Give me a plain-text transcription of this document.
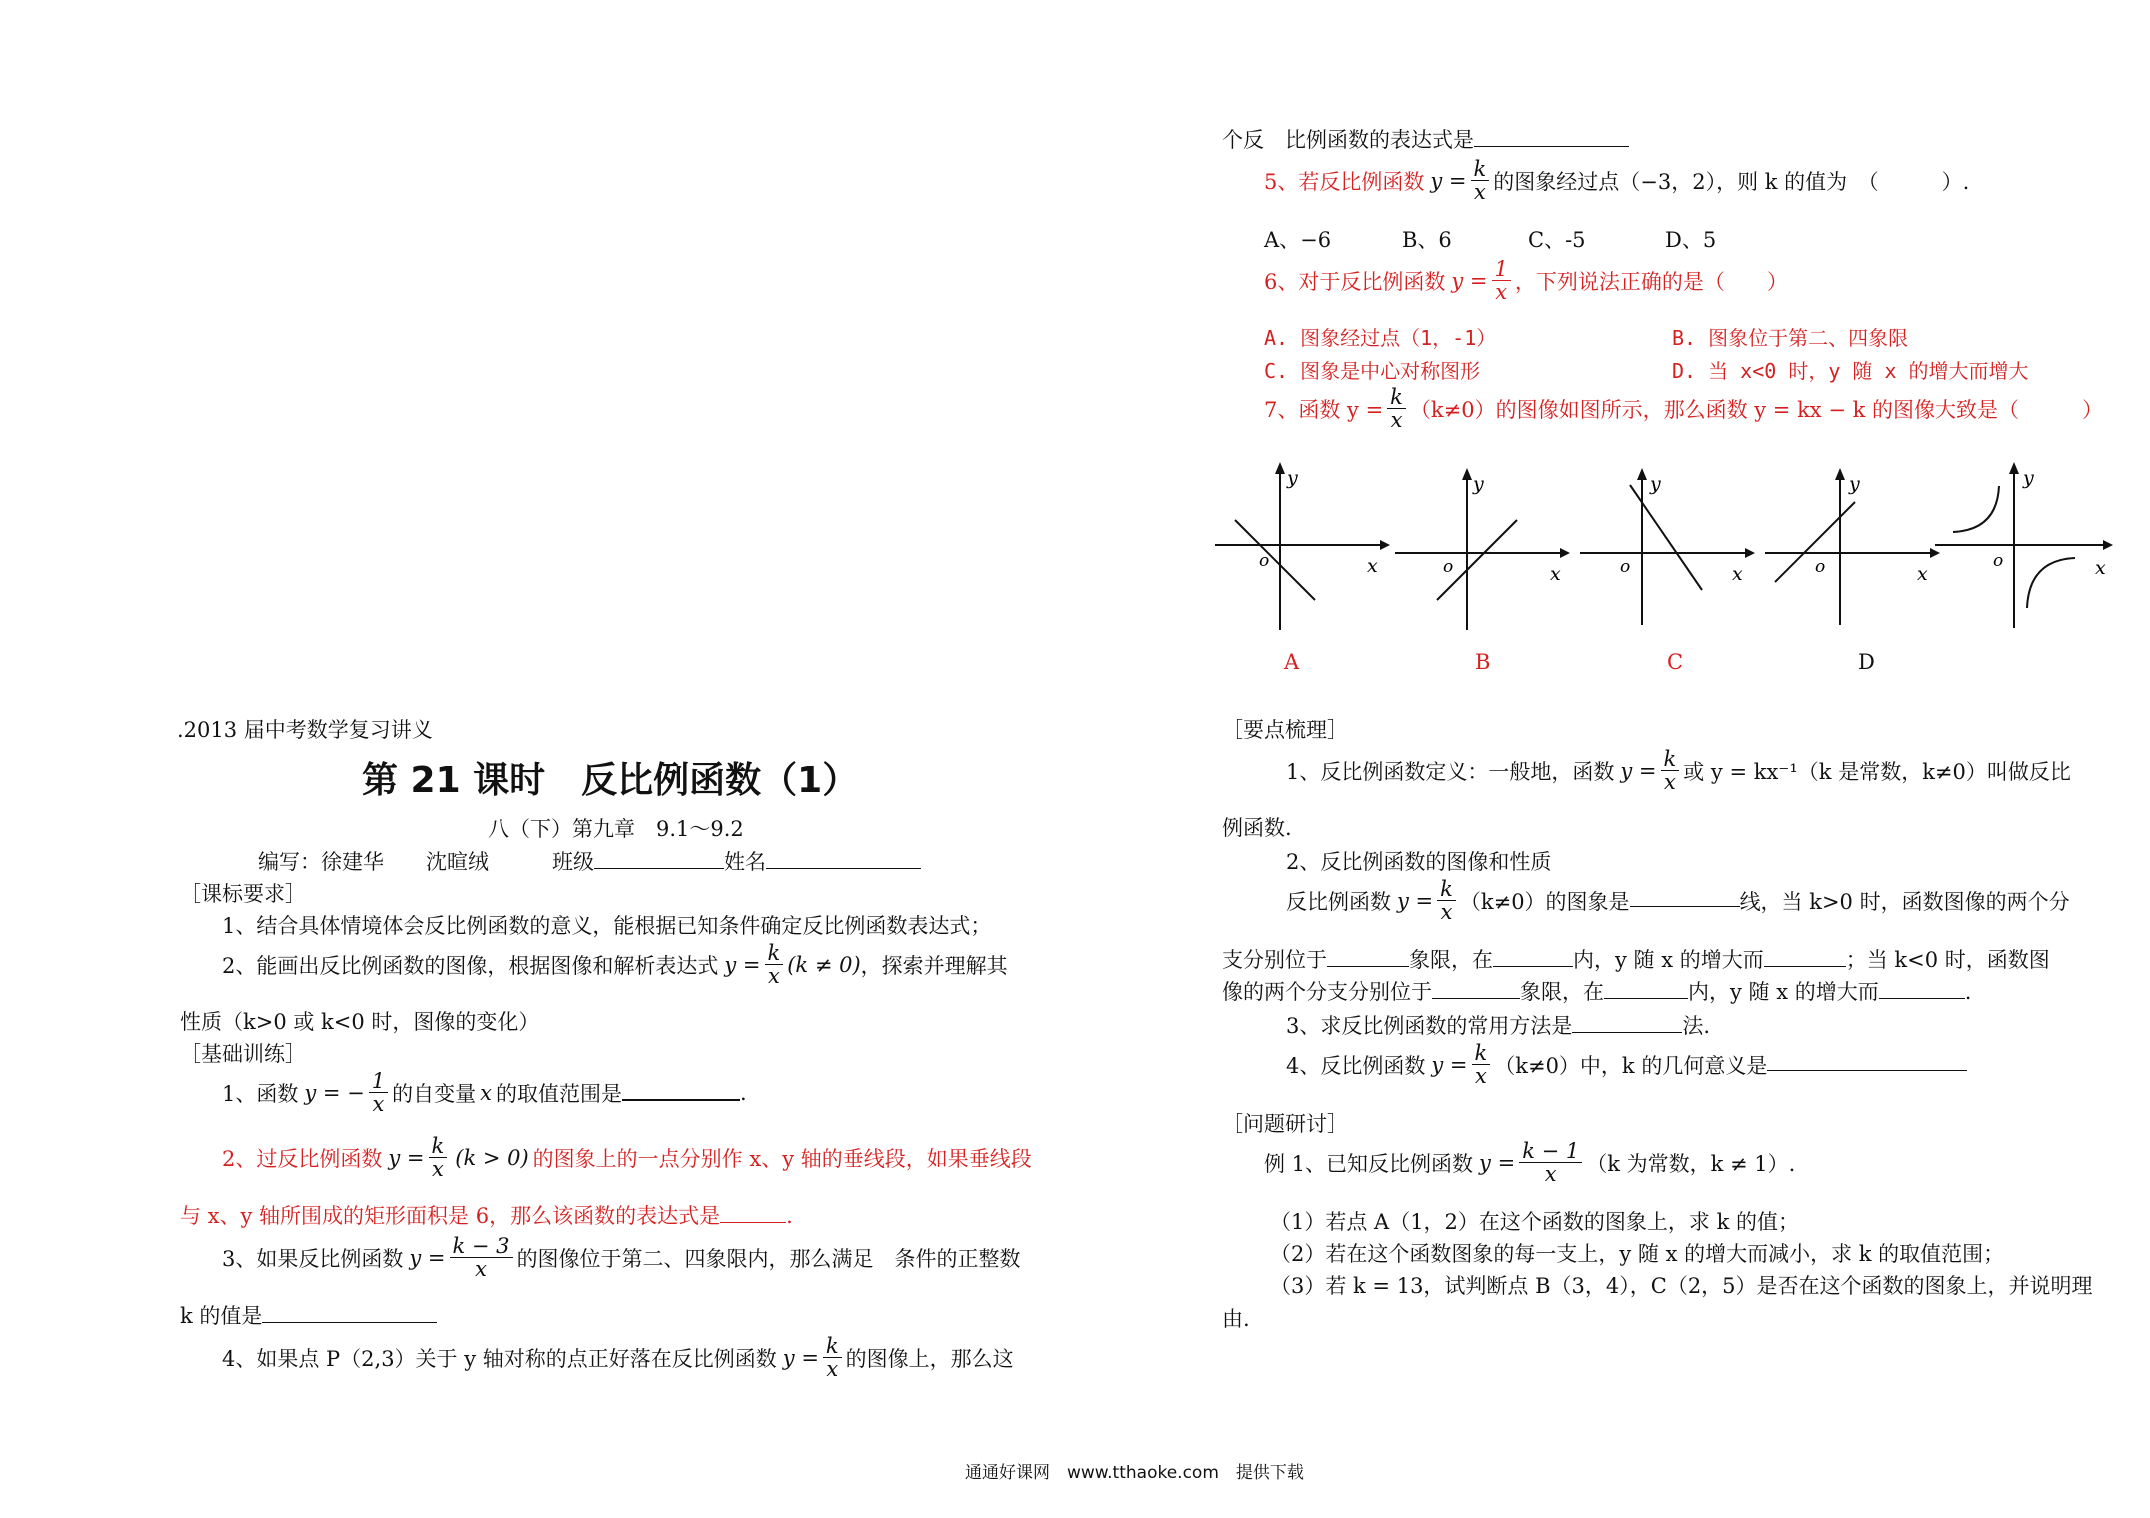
.2013 届中考数学复习讲义
第 21 课时　反比例函数（1）
八（下）第九章　9.1～9.2
编写：徐建华　　沈暄绒　　　班级	姓名
［课标要求］
1、结合具体情境体会反比例函数的意义，能根据已知条件确定反比例函数表达式；
2、能画出反比例函数的图像，根据图像和解析表达式 $y = \frac{k}{x} (k \ne 0)$ ，探索并理解其
性质（k>0 或 k<0 时，图像的变化）
［基础训练］
1、函数 y = − $\frac{1}{x}$ 的自变量 x 的取值范围是	.
2、过反比例函数 $y = \frac{k}{x} (k > 0)$ 的图象上的一点分别作 x、y 轴的垂线段，如果垂线段
与 x、y 轴所围成的矩形面积是 6，那么该函数的表达式是	.
3、如果反比例函数 $y = \frac{k - 3}{x}$ 的图像位于第二、四象限内，那么满足　条件的正整数
k 的值是
4、如果点 P（2,3）关于 y 轴对称的点正好落在反比例函数 $y = \frac{k}{x}$ 的图像上，那么这
个反　比例函数的表达式是
5、若反比例函数 $y = \frac{k}{x}$ 的图象经过点（−3，2），则 k 的值为　（　　　）.
A、−6	B、6	C、-5	D、5
6、对于反比例函数 $y = \frac{1}{x}$ ，下列说法正确的是（　　）
A. 图象经过点（1，-1）	B. 图象位于第二、四象限
C. 图象是中心对称图形	D. 当 x<0 时，y 随 x 的增大而增大
7、函数 $y = \frac{k}{x} (k\ne 0)$的图像如图所示，那么函数 y = kx − k 的图像大致是（　　　）
y
x
o
y
x
o
y
x
o
y
x
o
y
x
o
A	B	C	D
［要点梳理］
1、反比例函数定义：一般地，函数 $y = \frac{k}{x}$ 或 y = kx⁻¹（k 是常数，k≠0）叫做反比
例函数.
2、反比例函数的图像和性质
反比例函数 $y = \frac{k}{x} (k\ne 0)$的图象是	线，当 k>0 时，函数图像的两个分
支分别位于	象限，在	内，y 随 x 的增大而	；当 k<0 时，函数图
像的两个分支分别位于	象限，在	内，y 随 x 的增大而	.
3、求反比例函数的常用方法是	法.
4、反比例函数 $y = \frac{k}{x} (k\ne 0)$中，k 的几何意义是
［问题研讨］
例 1、已知反比例函数 $y = \frac{k - 1}{x} (k$ 为常数，k ≠ 1）.
（1）若点 A（1，2）在这个函数的图象上，求 k 的值；
（2）若在这个函数图象的每一支上，y 随 x 的增大而减小，求 k 的取值范围；
（3）若 k = 13，试判断点 B（3，4），C（2，5）是否在这个函数的图象上，并说明理
由.
通通好课网　www.tthaoke.com　提供下载
